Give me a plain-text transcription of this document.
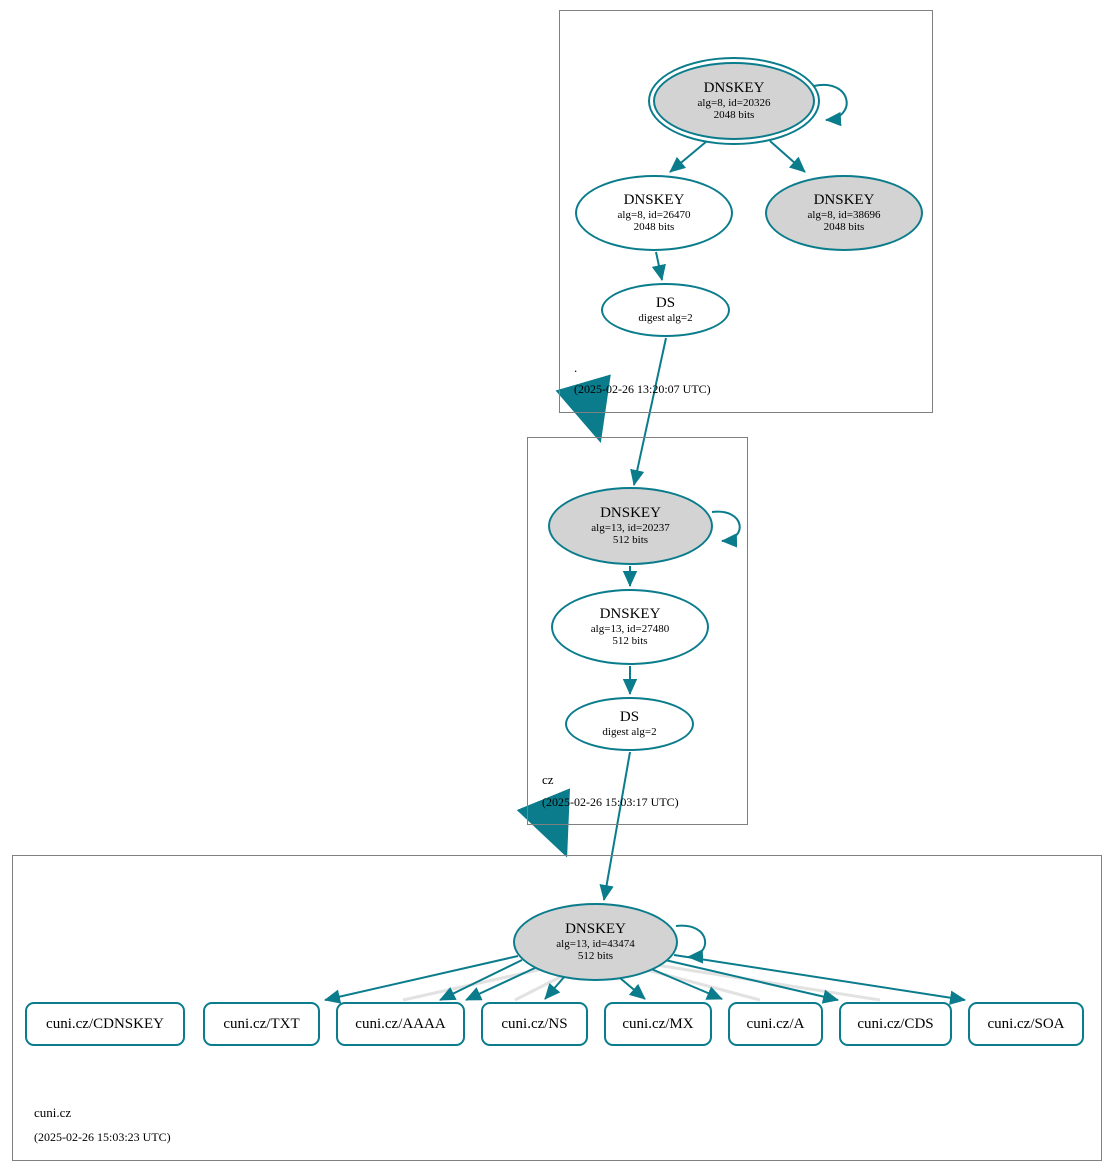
.
(2025-02-26 13:20:07 UTC)
cz
(2025-02-26 15:03:17 UTC)
cuni.cz
(2025-02-26 15:03:23 UTC)
DNSKEY
alg=8, id=20326
2048 bits
DNSKEY
alg=8, id=26470
2048 bits
DNSKEY
alg=8, id=38696
2048 bits
DS
digest alg=2
DNSKEY
alg=13, id=20237
512 bits
DNSKEY
alg=13, id=27480
512 bits
DS
digest alg=2
DNSKEY
alg=13, id=43474
512 bits
cuni.cz/CDNSKEY	cuni.cz/TXT	cuni.cz/AAAA	cuni.cz/NS	cuni.cz/MX	cuni.cz/A	cuni.cz/CDS	cuni.cz/SOA
